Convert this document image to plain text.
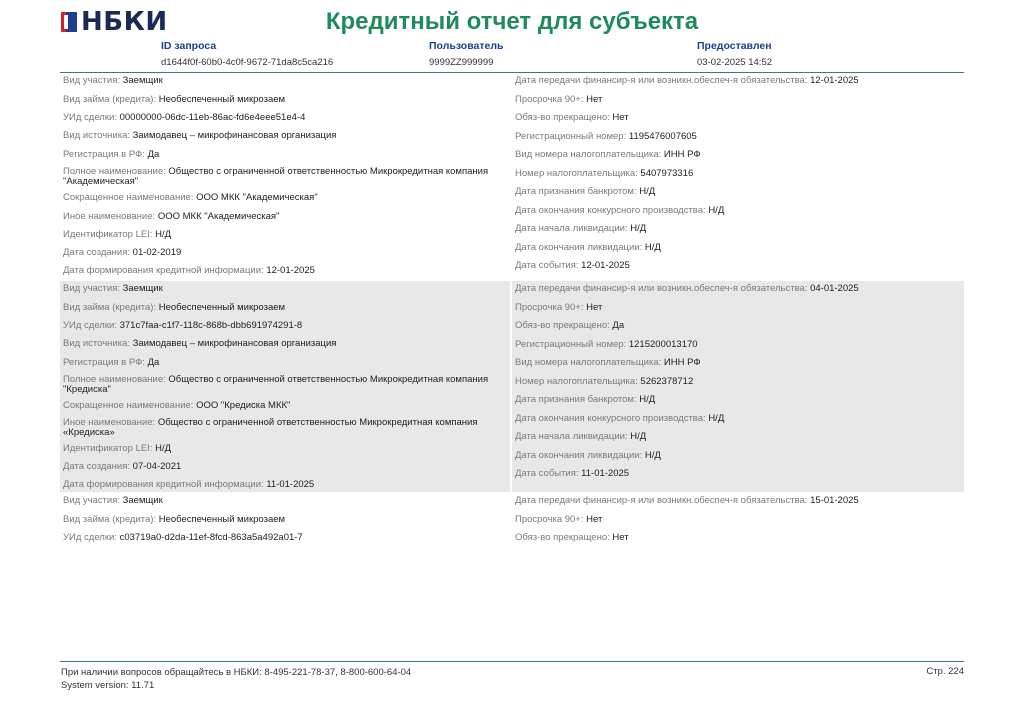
НБКИ	Кредитный отчет для субъекта
ID запроса
d1644f0f-60b0-4c0f-9672-71da8c5ca216
Пользователь
9999ZZ999999
Предоставлен
03-02-2025 14:52
Вид участия: Заемщик
Вид займа (кредита): Необеспеченный микрозаем
УИд сделки: 00000000-06dc-11eb-86ac-fd6e4eee51e4-4
Вид источника: Заимодавец – микрофинансовая организация
Регистрация в РФ: Да
Полное наименование: Общество с ограниченной ответственностью Микрокредитная компания "Академическая"
Сокращенное наименование: ООО МКК "Академическая"
Иное наименование: ООО МКК "Академическая"
Идентификатор LEI: Н/Д
Дата создания: 01-02-2019
Дата формирования кредитной информации: 12-01-2025
Дата передачи финансир-я или возникн.обеспеч-я обязательства: 12-01-2025
Просрочка 90+: Нет
Обяз-во прекращено: Нет
Регистрационный номер: 1195476007605
Вид номера налогоплательщика: ИНН РФ
Номер налогоплательщика: 5407973316
Дата признания банкротом: Н/Д
Дата окончания конкурсного производства: Н/Д
Дата начала ликвидации: Н/Д
Дата окончания ликвидации: Н/Д
Дата события: 12-01-2025
Вид участия: Заемщик
Вид займа (кредита): Необеспеченный микрозаем
УИд сделки: 371c7faa-c1f7-118c-868b-dbb691974291-8
Вид источника: Заимодавец – микрофинансовая организация
Регистрация в РФ: Да
Полное наименование: Общество с ограниченной ответственностью Микрокредитная компания "Кредиска"
Сокращенное наименование: ООО "Кредиска МКК"
Иное наименование: Общество с ограниченной ответственностью Микрокредитная компания «Кредиска»
Идентификатор LEI: Н/Д
Дата создания: 07-04-2021
Дата формирования кредитной информации: 11-01-2025
Дата передачи финансир-я или возникн.обеспеч-я обязательства: 04-01-2025
Просрочка 90+: Нет
Обяз-во прекращено: Да
Регистрационный номер: 1215200013170
Вид номера налогоплательщика: ИНН РФ
Номер налогоплательщика: 5262378712
Дата признания банкротом: Н/Д
Дата окончания конкурсного производства: Н/Д
Дата начала ликвидации: Н/Д
Дата окончания ликвидации: Н/Д
Дата события: 11-01-2025
Вид участия: Заемщик
Вид займа (кредита): Необеспеченный микрозаем
УИд сделки: c03719a0-d2da-11ef-8fcd-863a5a492a01-7
Дата передачи финансир-я или возникн.обеспеч-я обязательства: 15-01-2025
Просрочка 90+: Нет
Обяз-во прекращено: Нет
При наличии вопросов обращайтесь в НБКИ: 8-495-221-78-37, 8-800-600-64-04
System version: 11.71
Стр. 224
